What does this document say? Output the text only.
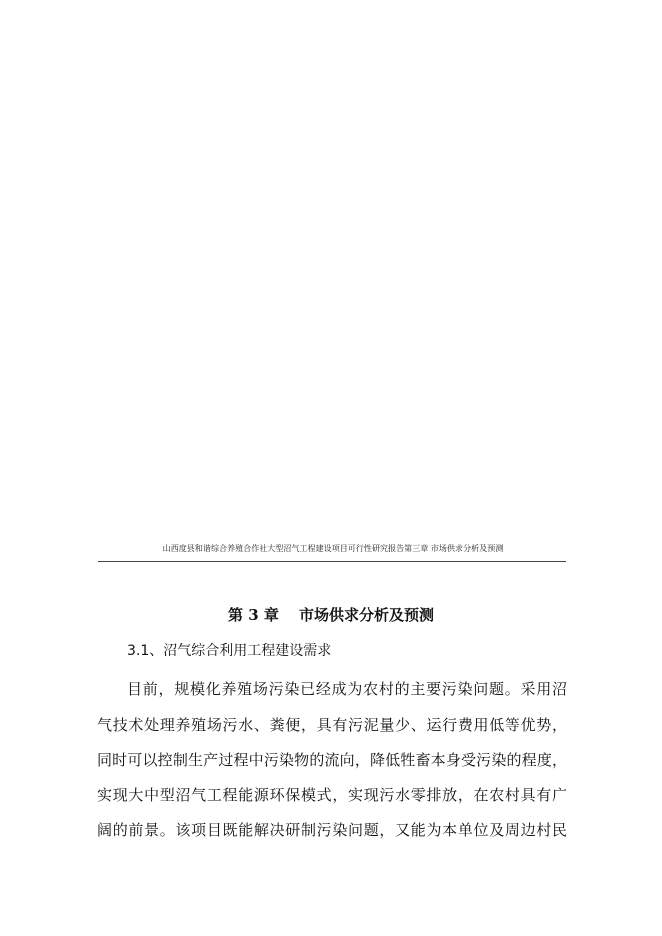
山西度县和谐综合养殖合作社大型沼气工程建设项目可行性研究报告第三章 市场供求分析及预测
第 3 章 市场供求分析及预测
3.1、沼气综合利用工程建设需求
目前，规模化养殖场污染已经成为农村的主要污染问题。采用沼
气技术处理养殖场污水、粪便，具有污泥量少、运行费用低等优势，
同时可以控制生产过程中污染物的流向，降低牲畜本身受污染的程度，
实现大中型沼气工程能源环保模式，实现污水零排放，在农村具有广
阔的前景。该项目既能解决研制污染问题，又能为本单位及周边村民
